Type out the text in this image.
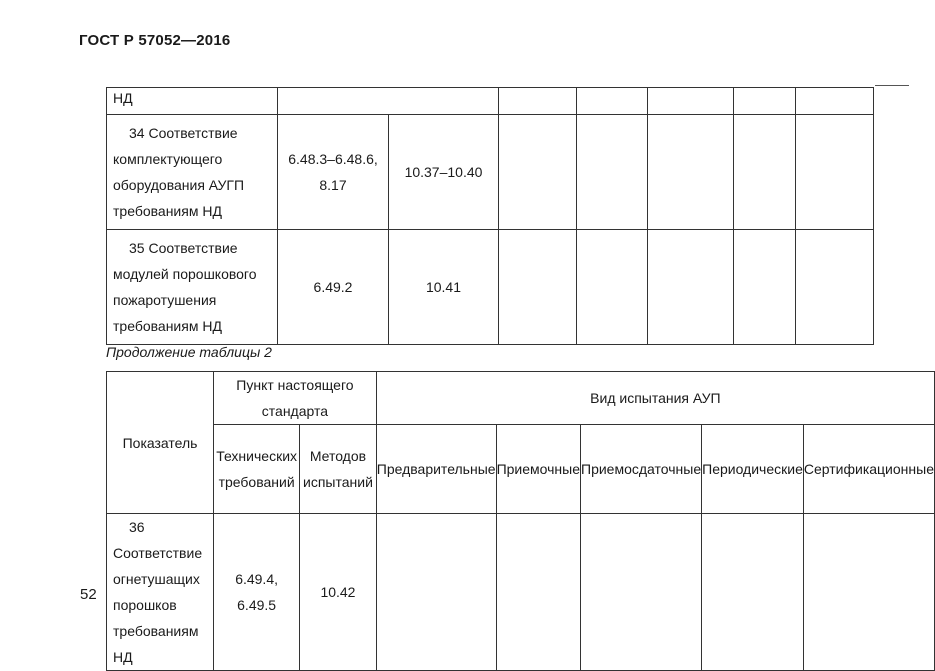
ГОСТ Р 57052—2016
НД							
34 Соответствие комплектующего оборудования АУГП требованиям НД	6.48.3–6.48.6, 8.17	10.37–10.40					
35 Соответствие модулей порошкового пожаротушения требованиям НД	6.49.2	10.41					
Продолжение таблицы 2
Показатель	Пункт настоящего стандарта		Вид испытания АУП				
	Технических требований	Методов испытаний	Предварительные	Приемочные	Приемосдаточные	Периодические	Сертификационные
36 Соответствие огнетушащих порошков требованиям НД	6.49.4, 6.49.5	10.42					
52
